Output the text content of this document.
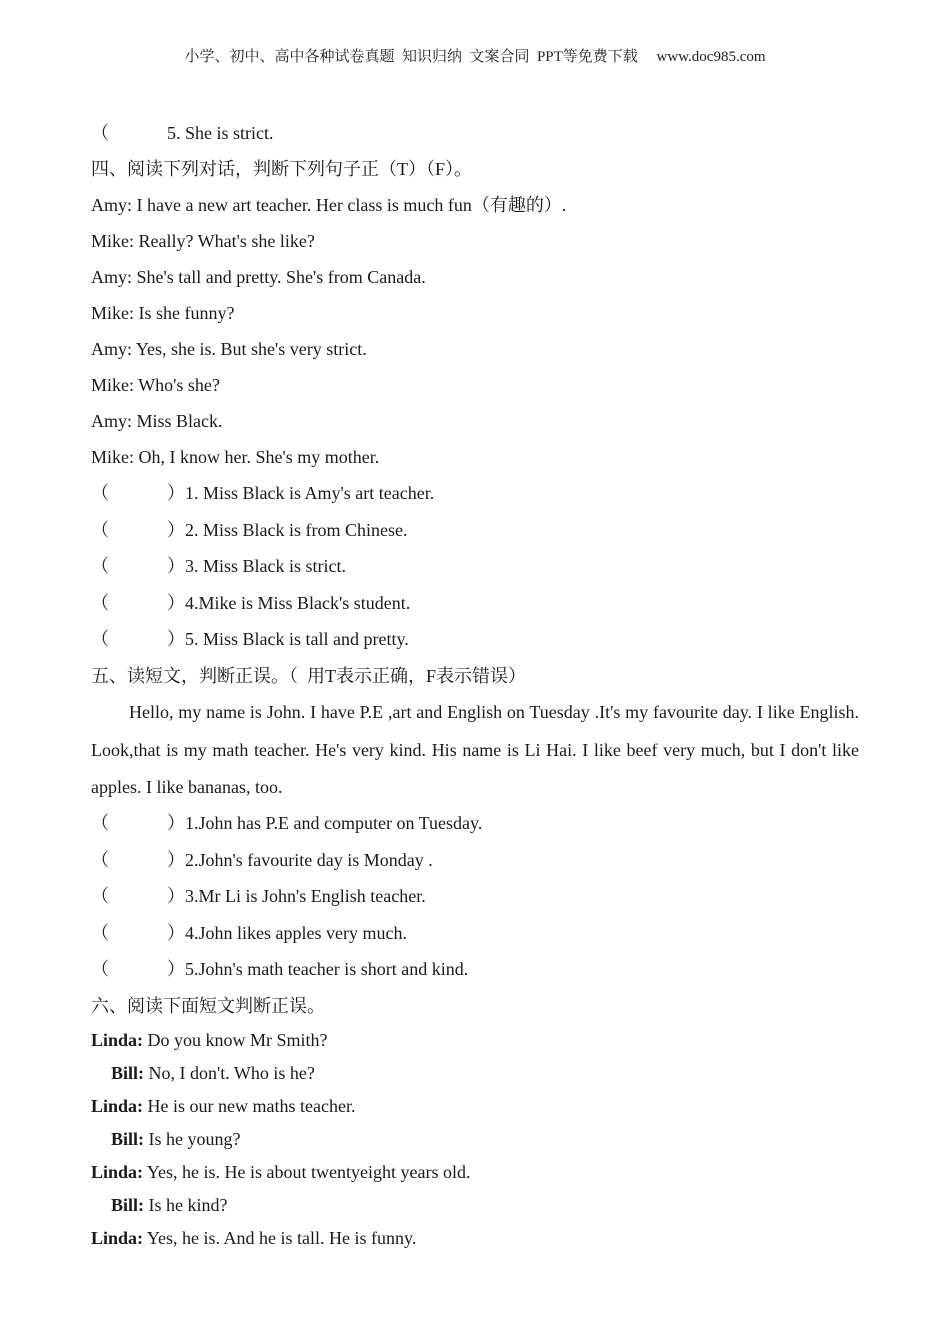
小学、初中、高中各种试卷真题  知识归纳  文案合同  PPT等免费下载     www.doc985.com
（	5. She is strict.
四、阅读下列对话，判断下列句子正（T）（F）。
Amy: I have a new art teacher. Her class is much fun（有趣的）.
Mike: Really? What's she like?
Amy: She's tall and pretty. She's from Canada.
Mike: Is she funny?
Amy: Yes, she is. But she's very strict.
Mike: Who's she?
Amy: Miss Black.
Mike: Oh, I know her. She's my mother.
（	）1. Miss Black is Amy's art teacher.
（	）2. Miss Black is from Chinese.
（	）3. Miss Black is strict.
（	）4.Mike is Miss Black's student.
（	）5. Miss Black is tall and pretty.
五、读短文，判断正误。（  用T表示正确，F表示错误）
Hello, my name is John. I have P.E ,art and English on Tuesday .It's my favourite day. I like English. Look,that is my math teacher. He's very kind. His name is Li Hai. I like beef very much, but I don't like apples. I like bananas, too.
（	）1.John has P.E and computer on Tuesday.
（	）2.John's favourite day is Monday .
（	）3.Mr Li is John's English teacher.
（	）4.John likes apples very much.
（	）5.John's math teacher is short and kind.
六、阅读下面短文判断正误。
Linda: Do you know Mr Smith?
Bill: No, I don't. Who is he?
Linda: He is our new maths teacher.
Bill: Is he young?
Linda: Yes, he is. He is about twentyeight years old.
Bill: Is he kind?
Linda: Yes, he is. And he is tall. He is funny.
